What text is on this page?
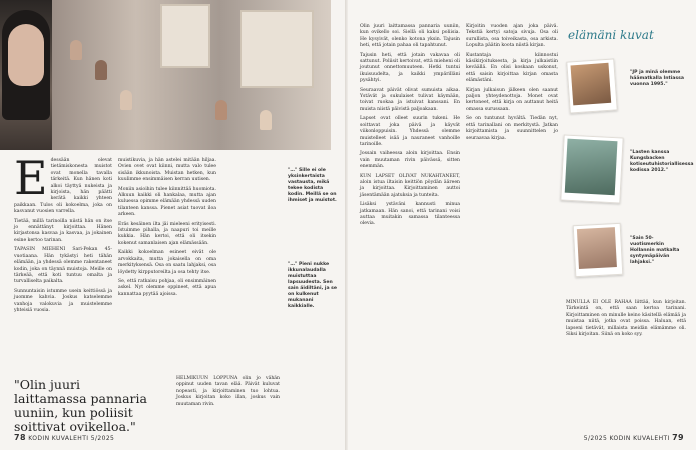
E dessään olevat tietämiskonesta muistot ovat monella tavalla tärkeitä. Kun hänen koti alkoi täyttyä nukeista ja kirjoista, hän päätti kerätä kaikki yhteen paikkaan. Tulos oli kokoelma, joka on kasvanut vuosien varrella.

Tietää, millä tarinoilla niistä hän on itse jo ennättänyt kirjoittaa. Hänen kirjastonsa kasvaa ja kasvaa, ja jokainen esine kertoo tarinan.

TAPASIN MIEHENI Sari-Pekan 45-vuotiaana. Hän tykästyi heti tähän elämään, ja yhdessä olemme rakentaneet kodin, joka on täynnä muistoja. Meille on tärkeää, että koti tuntuu omalta ja turvalliselta paikalta.

Sunnuntaisin istumme usein keittiössä ja juomme kahvia. Joskus katselemme vanhoja valokuvia ja muistelemme yhteisiä vuosia.

muistikuvia, ja hän astelei mitään hiljaa. Ovien ovet ovat kiinni, mutta valo tulee sisään ikkunoista. Muistan hetken, kun kuulimme ensimmäisen kerran uutisen.

Moniin asioihin tulee kiinnittää huomiota. Alkuun kaikki oli hankalaa, mutta ajan kuluessa opimme elämään yhdessä uuden tilanteen kanssa. Pienet asiat tuovat iloa arkeen.

Eräs kesäinen ilta jäi mieleeni erityisesti. Istuimme pihalla, ja naapuri toi meille kukkia. Hän kertoi, että oli itsekin kokenut samanlaisen ajan elämässään.

Kaikki kokoelman esineet eivät ole arvokkaita, mutta jokaisella on oma merkityksensä. Osa on saatu lahjaksi, osa löydetty kirpputoreilta ja osa tehty itse.

Se, että ratkaisu pohjaa, oli ensimmäinen askel. Nyt olemme oppineet, että apua kannattaa pyytää ajoissa.

HELMIKUUN LOPPUNA olin jo vähän oppinut uuden tavan elää. Päivät kuluvat nopeasti, ja kirjoittaminen tuo lohtua. Joskus kirjoitan koko illan, joskus vain muutaman rivin.

"Olin juuri laittamassa pannaria uuniin, kun poliisit soittivat ovikelloa."
"…" Sille ei ole yksinkertaista vastausta, mikä tekee kodista kodin. Meillä se on ihmiset ja muistot.
"…" Pieni nukke ikkunalaudalla muistuttaa lapsuudesta. Sen sain äidiltäni, ja se on kulkenut mukanani kaikkialle.
78 KODIN KUVALEHTI 5/2025

Olin juuri laittamassa pannaria uuniin, kun ovikello soi. Siellä oli kaksi poliisia. He kysyivät, olenko kotona yksin. Tajusin heti, että jotain pahaa oli tapahtunut.

Tajusin heti, että jotain vakavaa oli sattunut. Poliisit kertoivat, että mieheni oli joutunut onnettomuuteen. Hetki tuntui ikuisuudelta, ja kaikki ympärilläni pysähtyi.

Seuraavat päivät olivat sumuista aikaa. Ystävät ja sukulaiset tulivat käymään, toivat ruokaa ja istuivat kanssani. En muista niistä päivistä paljoakaan.

Lapset ovat olleet suurin tukeni. He soittavat joka päivä ja käyvät viikonloppuisin. Yhdessä olemme muistelleet isää ja nauraneet vanhoille tarinoille.

Jossain vaiheessa aloin kirjoittaa. Ensin vain muutaman rivin päivässä, sitten enemmän.

KUN LAPSET OLIVAT NUKAHTANEET, aloin istua iltaisin keittiön pöydän ääreen ja kirjoittaa. Kirjoittaminen auttoi jäsentämään ajatuksia ja tunteita.

Lisäksi ystäväni kannusti minua jatkamaan. Hän sanoi, että tarinani voisi auttaa muitakin samassa tilanteessa olevia.

Kirjoitin vuoden ajan joka päivä. Tekstiä kertyi satoja sivuja. Osa oli surullista, osa toiveikasta, osa arkista. Lopulta päätin koota niistä kirjan.

Kustantaja kiinnostui käsikirjoituksesta, ja kirja julkaistiin keväällä. En olisi koskaan uskonut, että saisin kirjoittaa kirjan omasta elämästäni.

Kirjan julkaisun jälkeen olen saanut paljon yhteydenottoja. Monet ovat kertoneet, että kirja on auttanut heitä omassa surussaan.

Se on tuntunut hyvältä. Tiedän nyt, että tarinallani on merkitystä. Jatkan kirjoittamista ja suunnittelen jo seuraavaa kirjaa.

elämäni kuvat
"JP ja minä olemme häämatkalla Intiassa vuonna 1995."
"Lasten kanssa Kungsbacken kotiseutuhistoriallisessa kodissa 2012."
"Sain 50-vuotismerkin Hollannin matkalta syntymäpäivän lahjaksi."

MINULLA EI OLE RAHAA liittää, kun kirjoitan. Tärkeintä on, että saan kertoa tarinani. Kirjoittaminen on minulle keino käsitellä elämää ja muistaa niitä, jotka ovat poissa. Haluan, että lapseni tietävät, millaista meidän elämämme oli. Siksi kirjoitan. Siinä on koko syy.

5/2025 KODIN KUVALEHTI 79
